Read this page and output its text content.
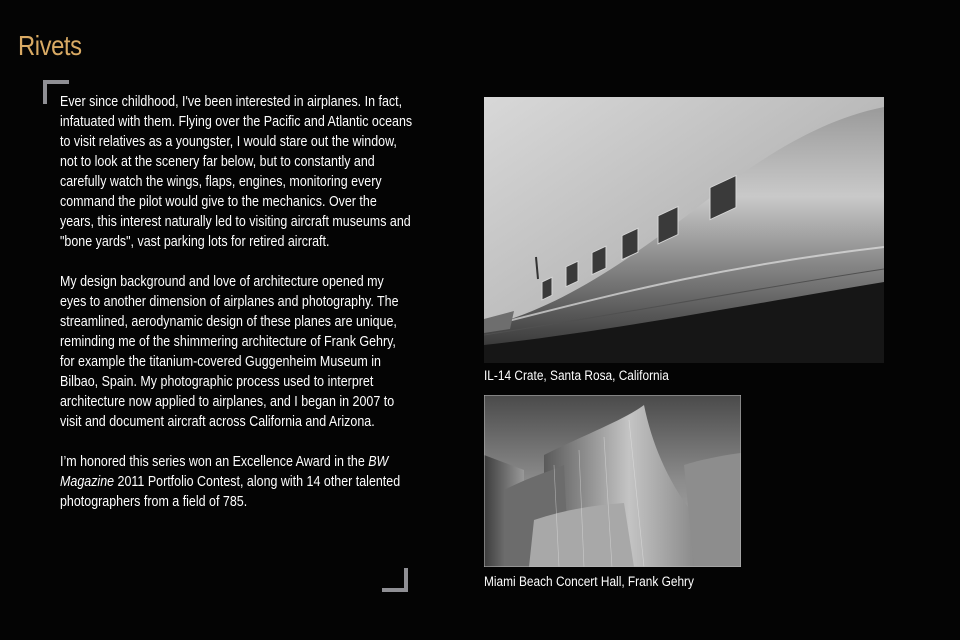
Rivets

Ever since childhood, I've been interested in airplanes. In fact, infatuated with them. Flying over the Pacific and Atlantic oceans to visit relatives as a youngster, I would stare out the window, not to look at the scenery far below, but to constantly and carefully watch the wings, flaps, engines, monitoring every command the pilot would give to the mechanics. Over the years, this interest naturally led to visiting aircraft museums and "bone yards", vast parking lots for retired aircraft.

My design background and love of architecture opened my eyes to another dimension of airplanes and photography. The streamlined, aerodynamic design of these planes are unique, reminding me of the shimmering architecture of Frank Gehry, for example the titanium-covered Guggenheim Museum in Bilbao, Spain. My photographic process used to interpret architecture now applied to airplanes, and I began in 2007 to visit and document aircraft across California and Arizona.

I’m honored this series won an Excellence Award in the BW Magazine 2011 Portfolio Contest, along with 14 other talented photographers from a field of 785.

IL-14 Crate, Santa Rosa, California
Miami Beach Concert Hall, Frank Gehry
